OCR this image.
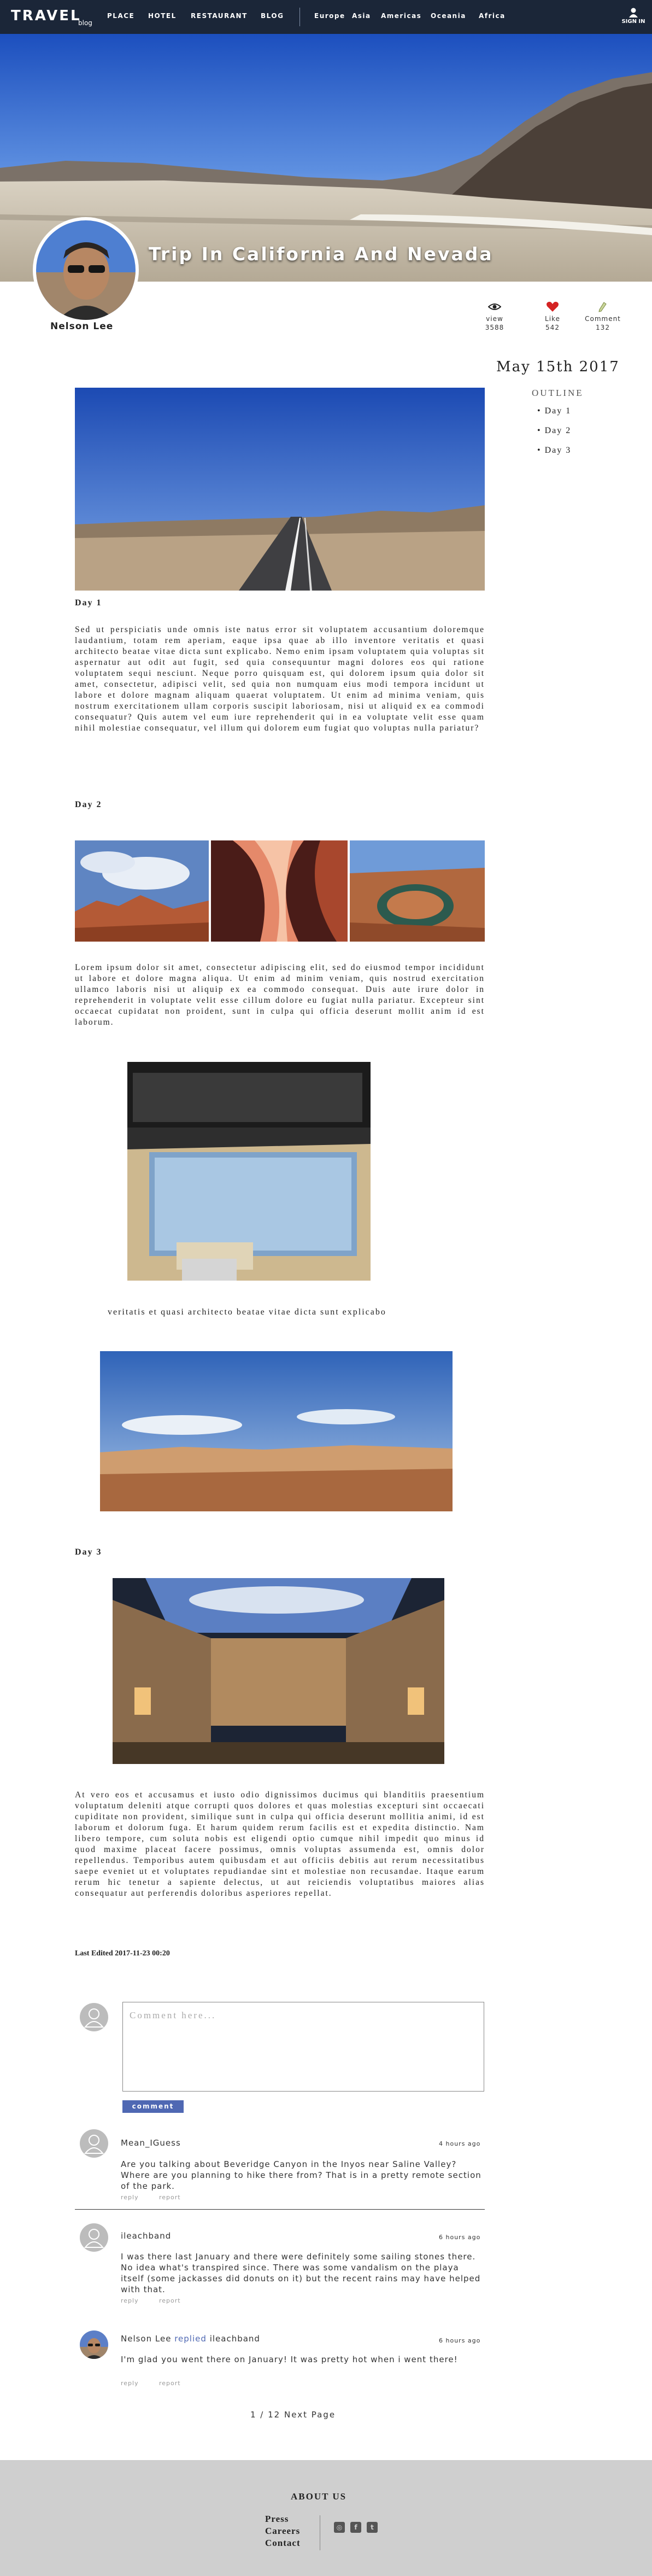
TRAVEL
blog
PLACE HOTEL RESTAURANT BLOG	Europe Asia Americas Oceania Africa
SIGN IN
Trip In California And Nevada
Nelson Lee
view
3588
Like
542
Comment
132
May 15th 2017
OUTLINE
• Day 1
• Day 2
• Day 3
Day 1

Sed ut perspiciatis unde omnis iste natus error sit voluptatem accusantium doloremque laudantium, totam rem aperiam, eaque ipsa quae ab illo inventore veritatis et quasi architecto beatae vitae dicta sunt explicabo. Nemo enim ipsam voluptatem quia voluptas sit aspernatur aut odit aut fugit, sed quia consequuntur magni dolores eos qui ratione voluptatem sequi nesciunt. Neque porro quisquam est, qui dolorem ipsum quia dolor sit amet, consectetur, adipisci velit, sed quia non numquam eius modi tempora incidunt ut labore et dolore magnam aliquam quaerat voluptatem. Ut enim ad minima veniam, quis nostrum exercitationem ullam corporis suscipit laboriosam, nisi ut aliquid ex ea commodi consequatur? Quis autem vel eum iure reprehenderit qui in ea voluptate velit esse quam nihil molestiae consequatur, vel illum qui dolorem eum fugiat quo voluptas nulla pariatur?

Day 2

Lorem ipsum dolor sit amet, consectetur adipiscing elit, sed do eiusmod tempor incididunt ut labore et dolore magna aliqua. Ut enim ad minim veniam, quis nostrud exercitation ullamco laboris nisi ut aliquip ex ea commodo consequat. Duis aute irure dolor in reprehenderit in voluptate velit esse cillum dolore eu fugiat nulla pariatur. Excepteur sint occaecat cupidatat non proident, sunt in culpa qui officia deserunt mollit anim id est laborum.

veritatis et quasi architecto beatae vitae dicta sunt explicabo
Day 3

At vero eos et accusamus et iusto odio dignissimos ducimus qui blanditiis praesentium voluptatum deleniti atque corrupti quos dolores et quas molestias excepturi sint occaecati cupiditate non provident, similique sunt in culpa qui officia deserunt mollitia animi, id est laborum et dolorum fuga. Et harum quidem rerum facilis est et expedita distinctio. Nam libero tempore, cum soluta nobis est eligendi optio cumque nihil impedit quo minus id quod maxime placeat facere possimus, omnis voluptas assumenda est, omnis dolor repellendus. Temporibus autem quibusdam et aut officiis debitis aut rerum necessitatibus saepe eveniet ut et voluptates repudiandae sint et molestiae non recusandae. Itaque earum rerum hic tenetur a sapiente delectus, ut aut reiciendis voluptatibus maiores alias consequatur aut perferendis doloribus asperiores repellat.

Last Edited 2017-11-23 00:20
Comment here...
comment
Mean_IGuess	4 hours ago

Are you talking about Beveridge Canyon in the Inyos near Saline Valley? Where are you planning to hike there from? That is in a pretty remote section of the park.

reply	report
ileachband	6 hours ago

I was there last January and there were definitely some sailing stones there. No idea what's transpired since. There was some vandalism on the playa itself (some jackasses did donuts on it) but the recent rains may have helped with that.

reply	report
Nelson Lee replied ileachband	6 hours ago

I'm glad you went there on January! It was pretty hot when i went there!

reply	report
1 / 12 Next Page
ABOUT US
Press
Careers
Contact
◎	f	t
